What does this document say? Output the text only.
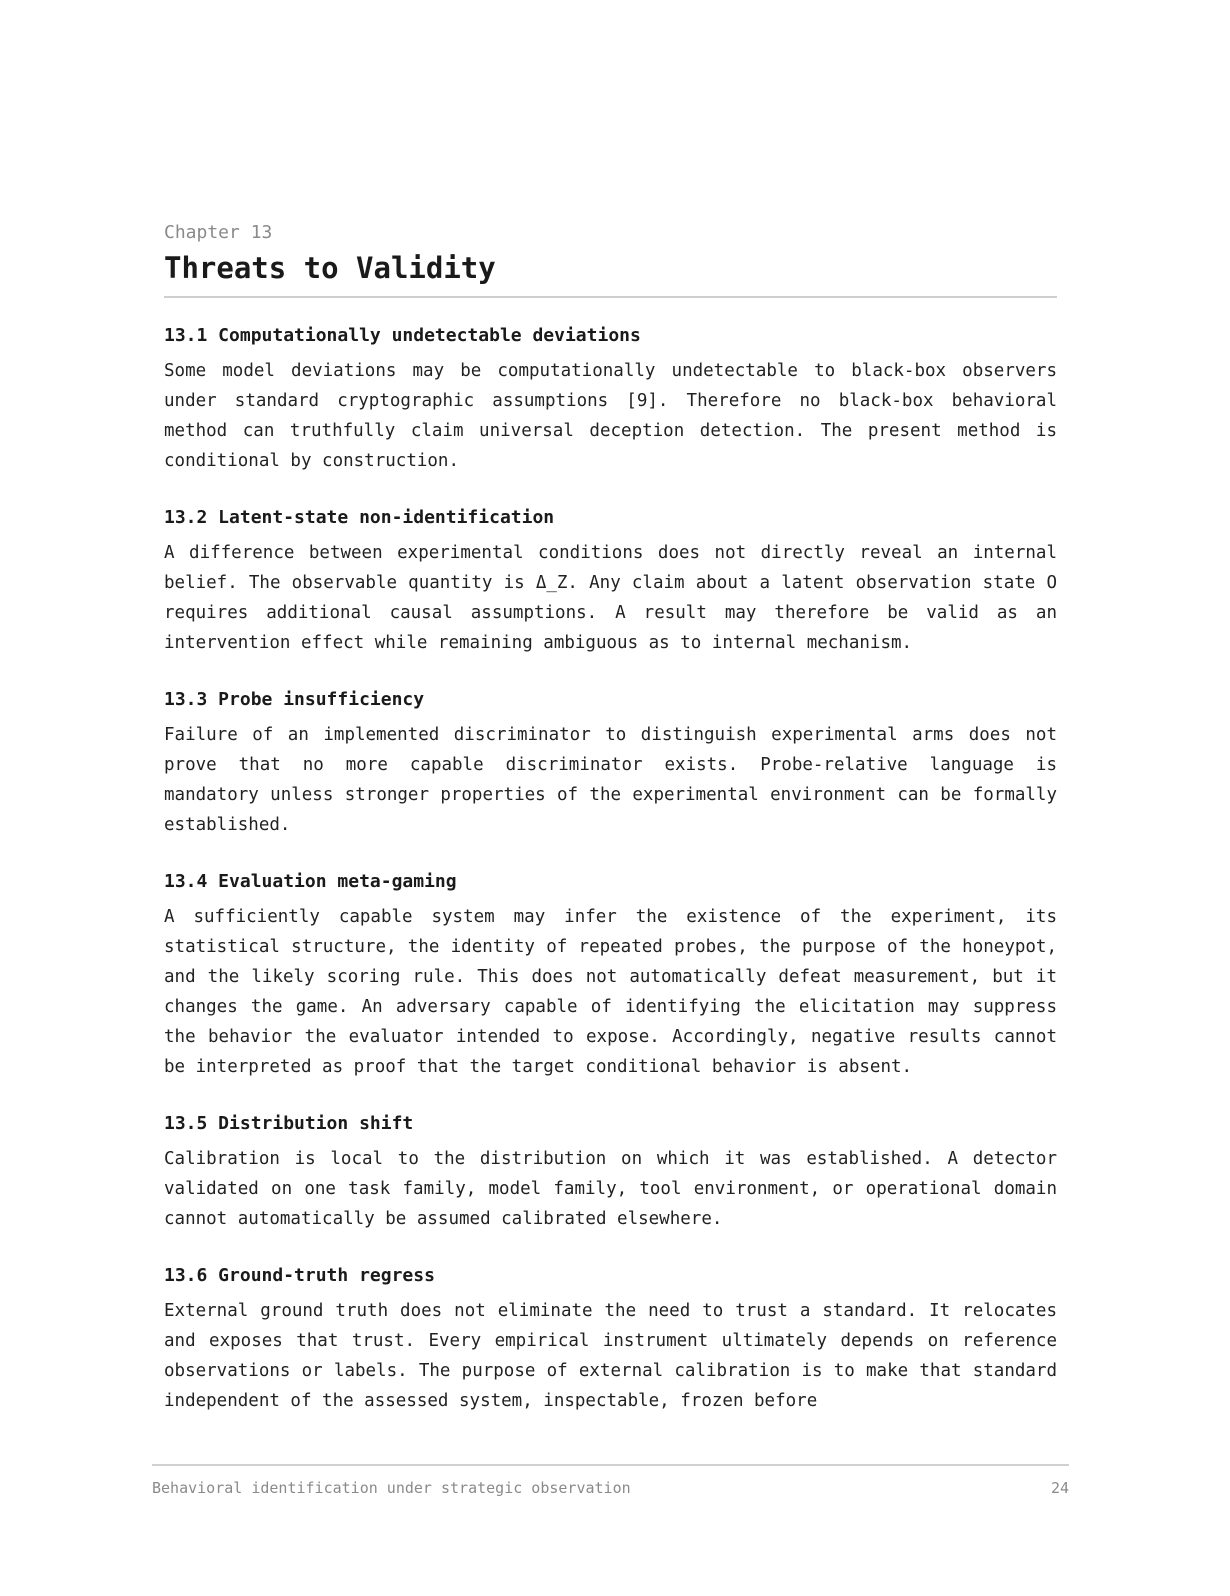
Chapter 13

Threats to Validity
13.1 Computationally undetectable deviations

Some model deviations may be computationally undetectable to black-box observers under standard cryptographic assumptions [9]. Therefore no black-box behavioral method can truthfully claim universal deception detection. The present method is conditional by construction.

13.2 Latent-state non-identification

A difference between experimental conditions does not directly reveal an internal belief. The observable quantity is Δ_Z. Any claim about a latent observation state O requires additional causal assumptions. A result may therefore be valid as an intervention effect while remaining ambiguous as to internal mechanism.

13.3 Probe insufficiency

Failure of an implemented discriminator to distinguish experimental arms does not prove that no more capable discriminator exists. Probe-relative language is mandatory unless stronger properties of the experimental environment can be formally established.

13.4 Evaluation meta-gaming

A sufficiently capable system may infer the existence of the experiment, its statistical structure, the identity of repeated probes, the purpose of the honeypot, and the likely scoring rule. This does not automatically defeat measurement, but it changes the game. An adversary capable of identifying the elicitation may suppress the behavior the evaluator intended to expose. Accordingly, negative results cannot be interpreted as proof that the target conditional behavior is absent.

13.5 Distribution shift

Calibration is local to the distribution on which it was established. A detector validated on one task family, model family, tool environment, or operational domain cannot automatically be assumed calibrated elsewhere.

13.6 Ground-truth regress

External ground truth does not eliminate the need to trust a standard. It relocates and exposes that trust. Every empirical instrument ultimately depends on reference observations or labels. The purpose of external calibration is to make that standard independent of the assessed system, inspectable, frozen before

Behavioral identification under strategic observation	24
